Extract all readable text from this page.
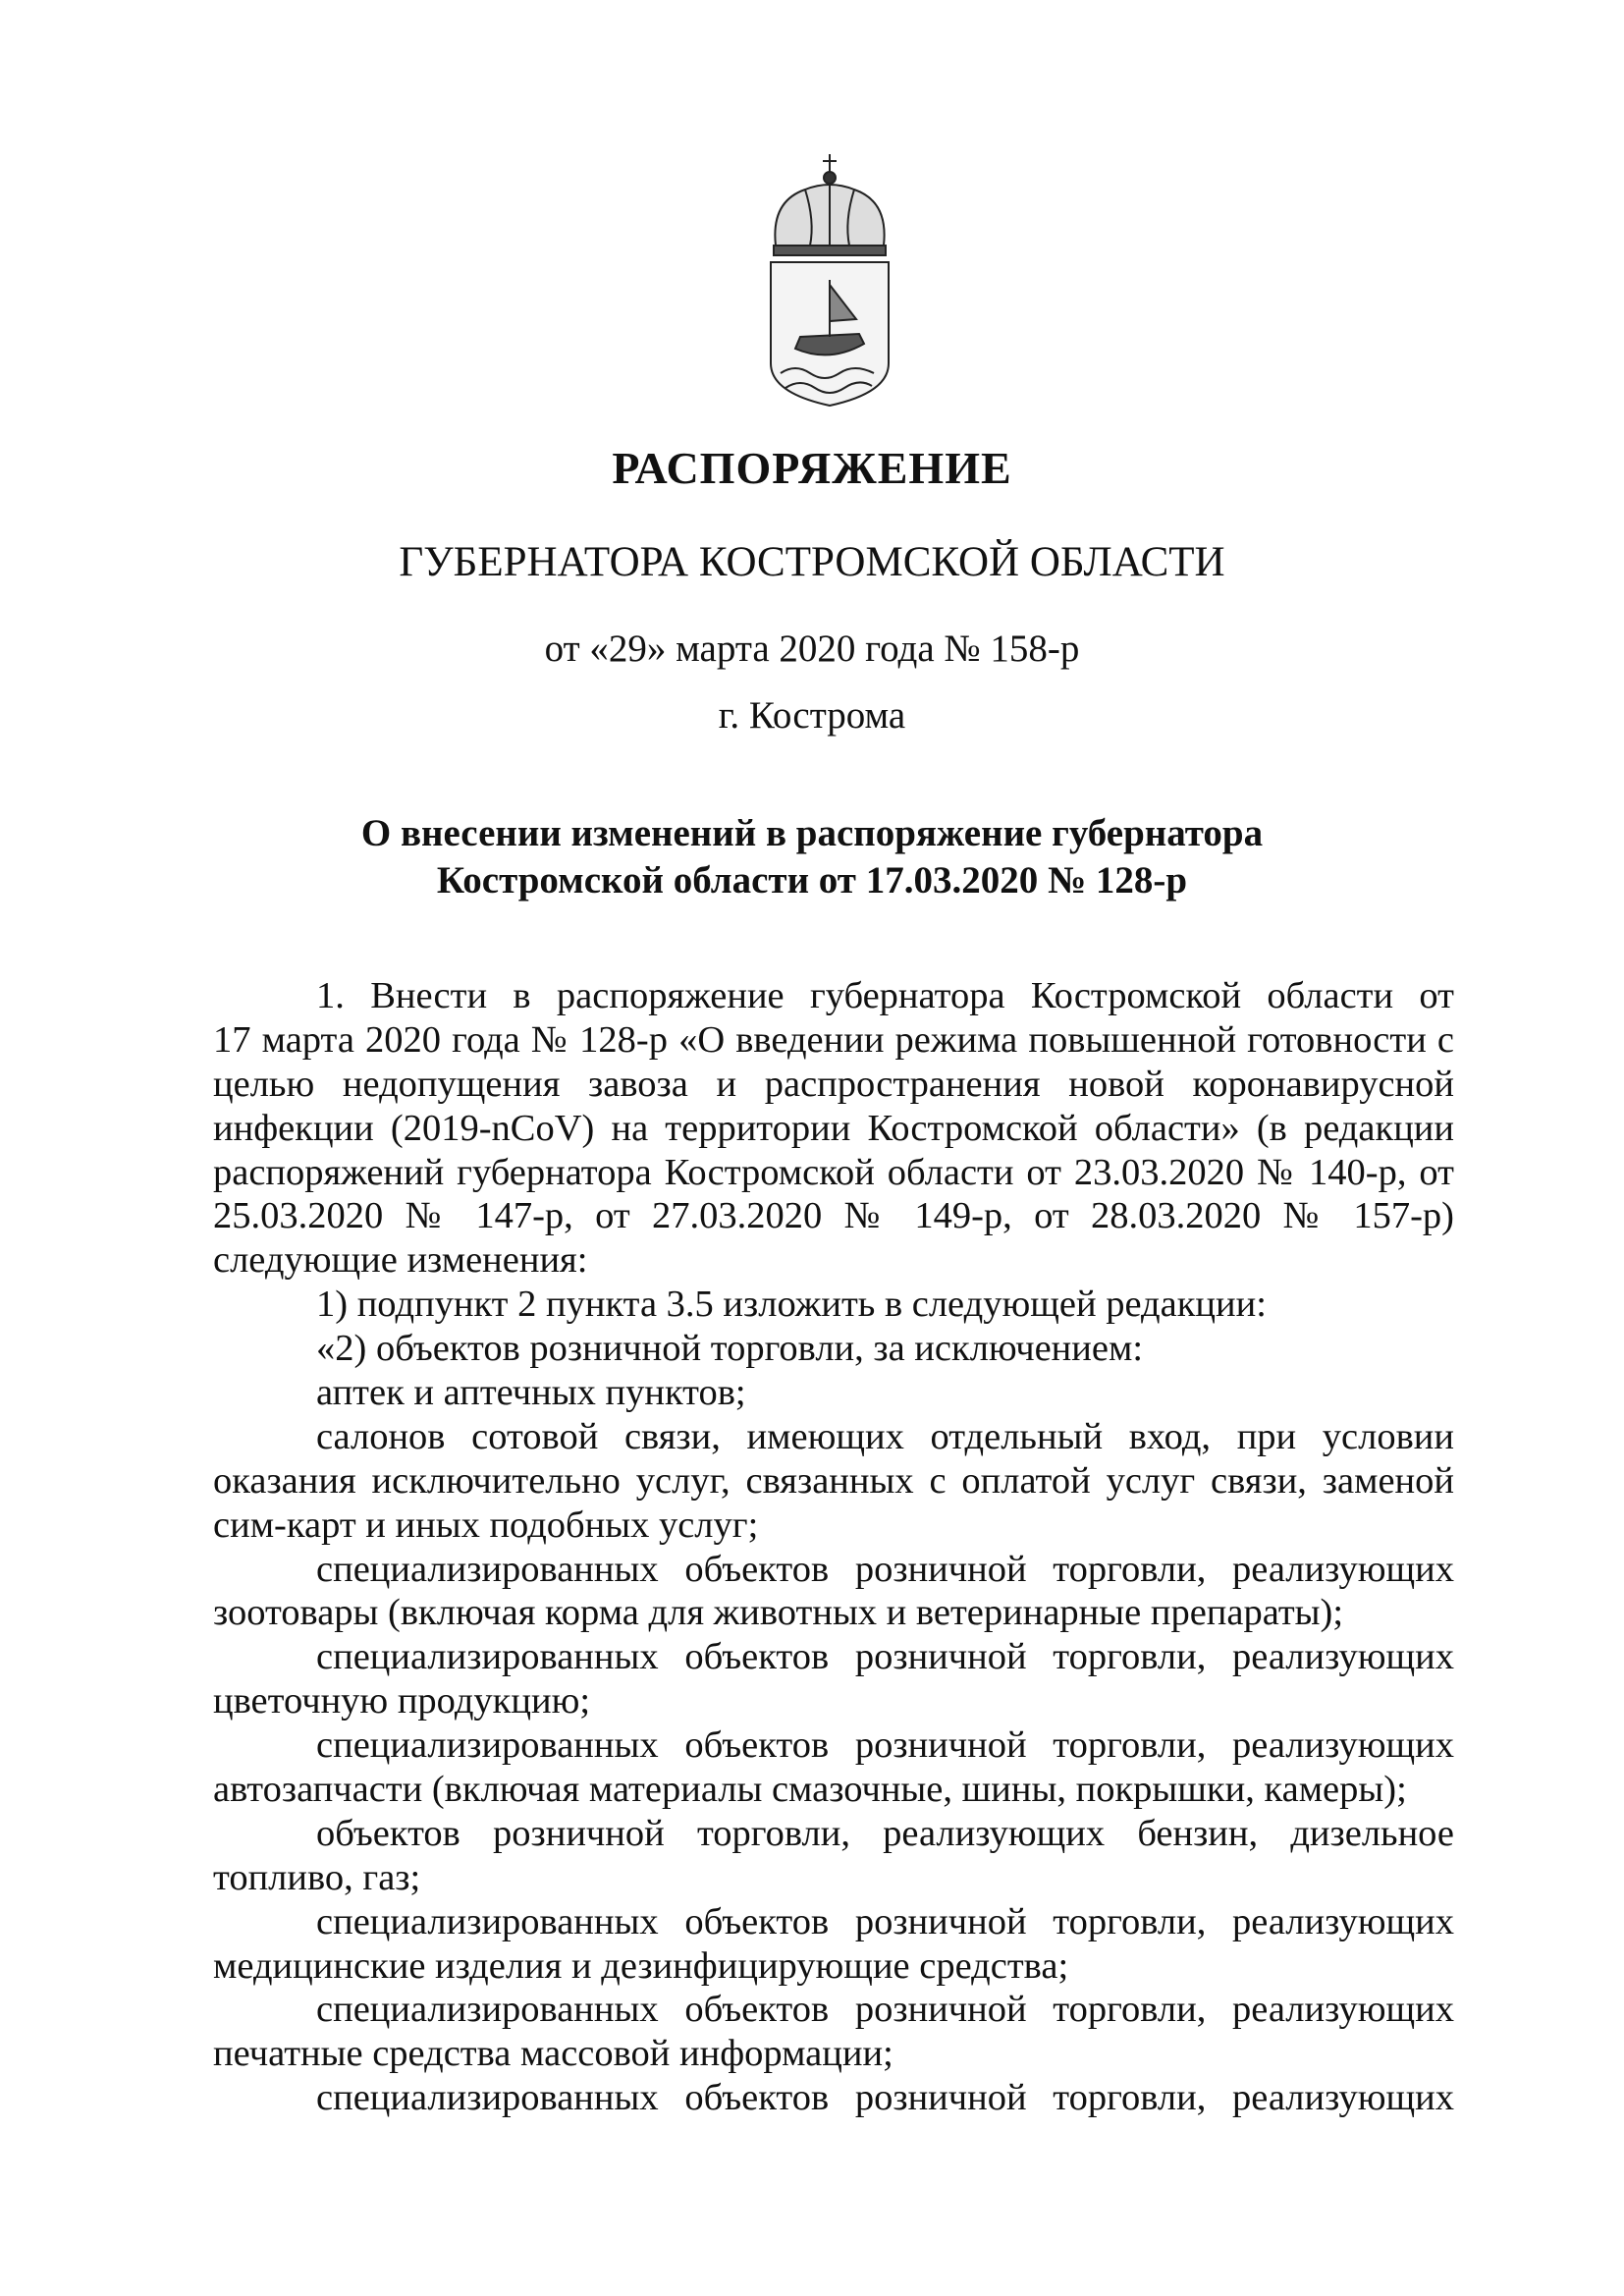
РАСПОРЯЖЕНИЕ
ГУБЕРНАТОРА КОСТРОМСКОЙ ОБЛАСТИ
от «29» марта 2020 года № 158-р
г. Кострома
О внесении изменений в распоряжение губернатора
Костромской области от 17.03.2020 № 128-р
1. Внести в распоряжение губернатора Костромской области от
17 марта 2020 года № 128-р «О введении режима повышенной готовности с
целью недопущения завоза и распространения новой коронавирусной
инфекции (2019-nCoV) на территории Костромской области» (в редакции
распоряжений губернатора Костромской области от 23.03.2020 № 140-р, от
25.03.2020 № 147-р, от 27.03.2020 № 149-р, от 28.03.2020 № 157-р)
следующие изменения:
1) подпункт 2 пункта 3.5 изложить в следующей редакции:
«2) объектов розничной торговли, за исключением:
аптек и аптечных пунктов;
салонов сотовой связи, имеющих отдельный вход, при условии
оказания исключительно услуг, связанных с оплатой услуг связи, заменой
сим-карт и иных подобных услуг;
специализированных объектов розничной торговли, реализующих
зоотовары (включая корма для животных и ветеринарные препараты);
специализированных объектов розничной торговли, реализующих
цветочную продукцию;
специализированных объектов розничной торговли, реализующих
автозапчасти (включая материалы смазочные, шины, покрышки, камеры);
объектов розничной торговли, реализующих бензин, дизельное
топливо, газ;
специализированных объектов розничной торговли, реализующих
медицинские изделия и дезинфицирующие средства;
специализированных объектов розничной торговли, реализующих
печатные средства массовой информации;
специализированных объектов розничной торговли, реализующих
